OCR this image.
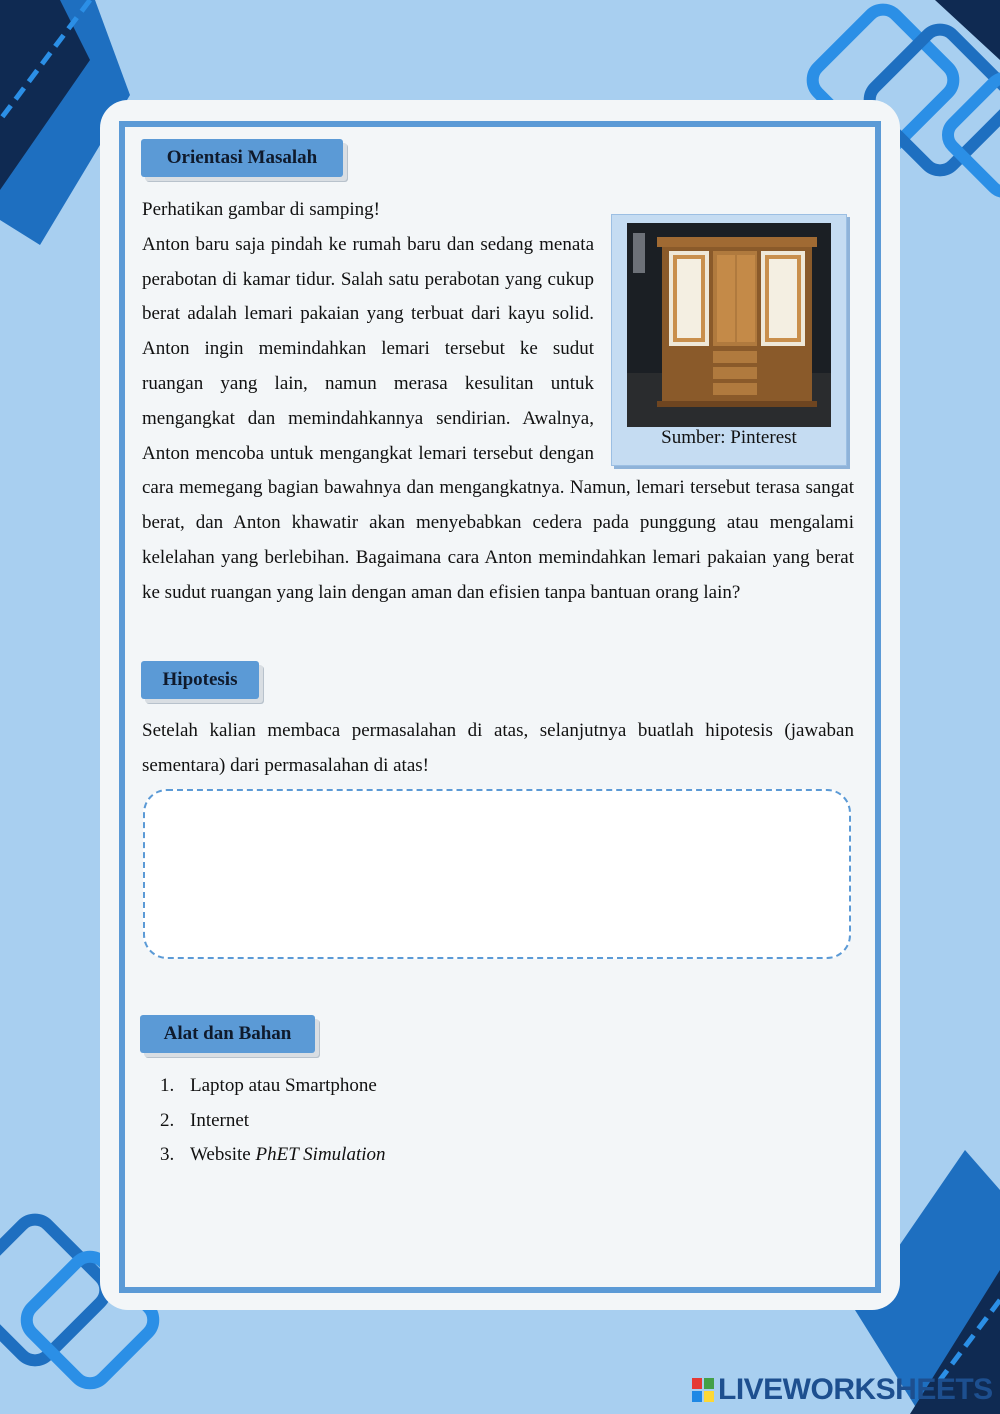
Orientasi Masalah
Sumber: Pinterest

Perhatikan gambar di samping!

Anton baru saja pindah ke rumah baru dan sedang menata perabotan di kamar tidur. Salah satu perabotan yang cukup berat adalah lemari pakaian yang terbuat dari kayu solid. Anton ingin memindahkan lemari tersebut ke sudut ruangan yang lain, namun merasa kesulitan untuk mengangkat dan memindahkannya sendirian. Awalnya, Anton mencoba untuk mengangkat lemari tersebut dengan cara memegang bagian bawahnya dan mengangkatnya. Namun, lemari tersebut terasa sangat berat, dan Anton khawatir akan menyebabkan cedera pada punggung atau mengalami kelelahan yang berlebihan. Bagaimana cara Anton memindahkan lemari pakaian yang berat ke sudut ruangan yang lain dengan aman dan efisien tanpa bantuan orang lain?

Hipotesis

Setelah kalian membaca permasalahan di atas, selanjutnya buatlah hipotesis (jawaban sementara) dari permasalahan di atas!

Alat dan Bahan
1. Laptop atau Smartphone
2. Internet
3. Website PhET Simulation
LIVEWORKSHEETS
